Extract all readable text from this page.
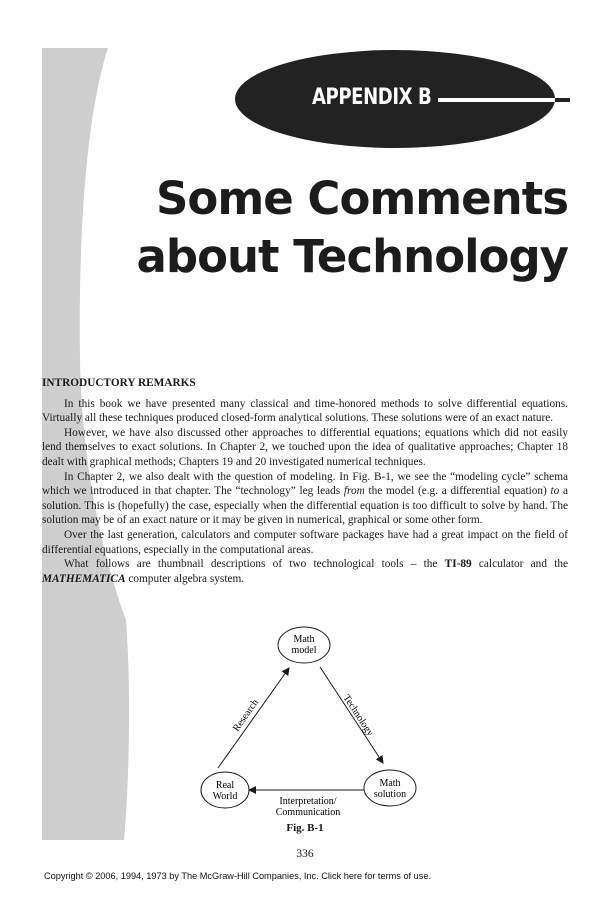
APPENDIX B
Some Comments
about Technology
INTRODUCTORY REMARKS

In this book we have presented many classical and time-honored methods to solve differential equations. Virtually all these techniques produced closed-form analytical solutions. These solutions were of an exact nature.

However, we have also discussed other approaches to differential equations; equations which did not easily lend themselves to exact solutions. In Chapter 2, we touched upon the idea of qualitative approaches; Chapter 18 dealt with graphical methods; Chapters 19 and 20 investigated numerical techniques.

In Chapter 2, we also dealt with the question of modeling. In Fig. B-1, we see the “modeling cycle” schema which we introduced in that chapter. The “technology” leg leads from the model (e.g. a differential equation) to a solution. This is (hopefully) the case, especially when the differential equation is too difficult to solve by hand. The solution may be of an exact nature or it may be given in numerical, graphical or some other form.

Over the last generation, calculators and computer software packages have had a great impact on the field of differential equations, especially in the computational areas.

What follows are thumbnail descriptions of two technological tools – the TI-89 calculator and the MATHEMATICA computer algebra system.

Math
model
Real
World
Math
solution
Research	Technology
Interpretation/
Communication
Fig. B-1
336
Copyright © 2006, 1994, 1973 by The McGraw-Hill Companies, Inc. Click here for terms of use.
